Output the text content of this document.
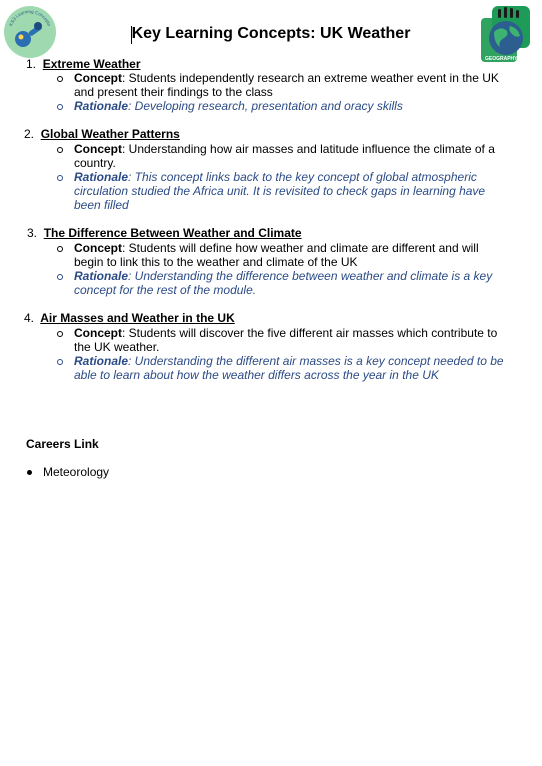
KS3 Learning Concepts
GEOGRAPHY
Key Learning Concepts: UK Weather
1. Extreme Weather
Concept: Students independently research an extreme weather event in the UK and present their findings to the class
Rationale: Developing research, presentation and oracy skills
2. Global Weather Patterns
Concept: Understanding how air masses and latitude influence the climate of a country.
Rationale: This concept links back to the key concept of global atmospheric circulation studied the Africa unit. It is revisited to check gaps in learning have been filled
3. The Difference Between Weather and Climate
Concept: Students will define how weather and climate are different and will begin to link this to the weather and climate of the UK
Rationale: Understanding the difference between weather and climate is a key concept for the rest of the module.
4. Air Masses and Weather in the UK
Concept: Students will discover the five different air masses which contribute to the UK weather.
Rationale: Understanding the different air masses is a key concept needed to be able to learn about how the weather differs across the year in the UK
Careers Link
Meteorology
